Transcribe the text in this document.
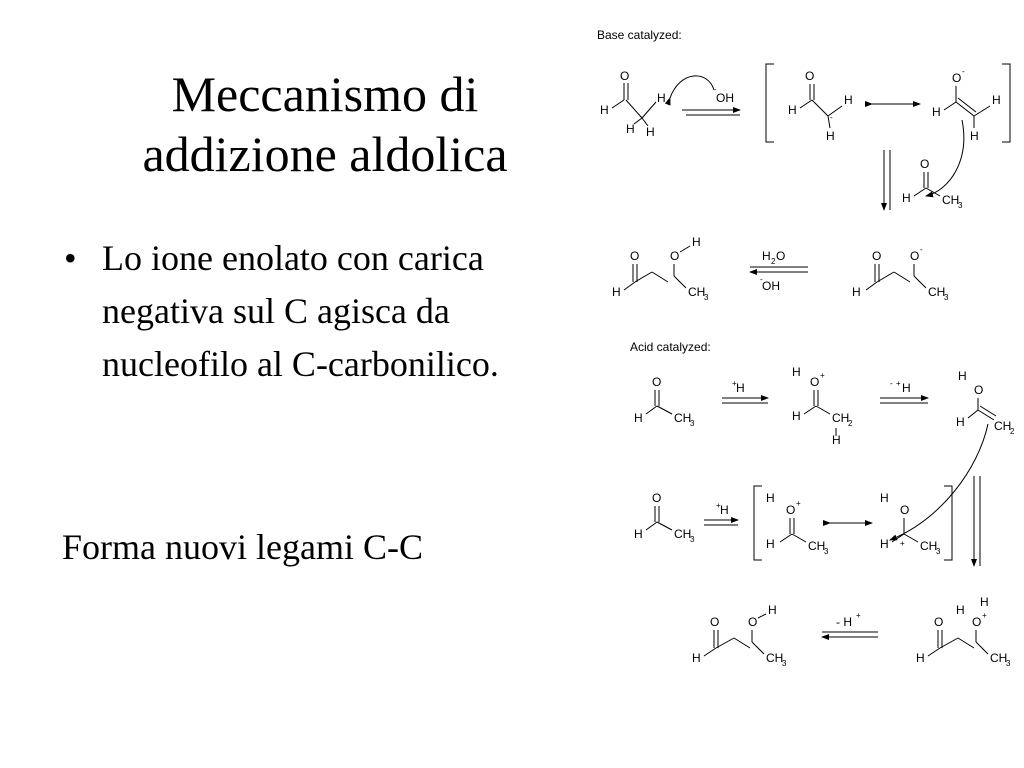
Meccanismo di
addizione aldolica
• Lo ione enolato con carica negativa sul C agisca da nucleofilo al C-carbonilico.

Forma nuovi legami C-C

Base catalyzed:
O
H
H
H H
OH
-
O
H
-
H
H
O -
H
H
H
O
H	CH
3
O
H
O
H
CH
3
H 2 O
OH
-
O
H
O -
CH
3
Acid catalyzed:
O
H	CH
3
H
+
H
O +
H	CH
2
H
H
- +
H
O
H CH
2
O
H	CH
3
H
+
H
O +
H	CH
3
H
O
H + CH
3
O
H
O
H
CH
3
- H +	O
H
H
O +
H
CH
3
